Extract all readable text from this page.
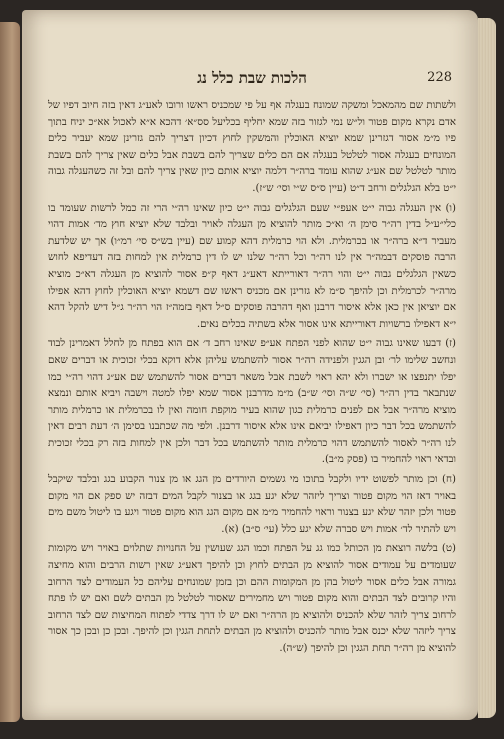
228
הלכות שבת כלל נג

ולשתות שם מהמאכל ומשקה שמונח בעגלה אף על פי שמכניס ראשו ורובו לאע״ג דאין בזה חיוב דפיו של אדם נקרא מקום פטור ול״ש נמי לגזור בזה שמא יחליף בכליעל סס״א׳ דהכא א״א לאכול אא״כ יניח בתוך פיו מ״מ אסור דגזרינן שמא יוציא האוכלין והמשקין לחוץ דכיון דצריך להם גזרינן שמא יעביר כלים המונחים בעגלה אסור לטלטל בעגלה אם הם כלים שצריך להם בשבת אבל כלים שאין צריך להם בשבת מותר לטלטל שם אע״ג שהוא עומד ברה״ר דלמה יוציא אותם כיון שאין צריך להם ובל זה כשהעגלה גבוה י״ט בלא הגלגלים ורחב ד״ט (עיין ס״ס ש״י וסי׳ ש״ז).

(ו) אין העגלה גבוה י״ט אעפ״י שעם הגלגלים גבוה י״ט כיון שאינו רה״י הרי זה כמל לרשות שעומד בו כלי״ע״ל בדין רה״ר סימן ה׳ וא״כ מותר להוציא מן העגלה לאויר ובלבד שלא יוציא חוץ מד׳ אמות דהוי מעביר ד״א ברה״ר או בכרמלית. ולא הוי כרמלית דהא קמוע שם (עיין בש״ס סי׳ רמ״ו) אך יש שלדעת הרבה פוסקים דבמה״ר אין לנו רה״ר וכל רה״ר שלנו יש לו דין כרמלית אין למחות בזה דעדיפא לחוש כשאין הגלגלים גבוה י״ט והוי רה״ר דאורייתא דאע״ג דאף ק״פ אסור להוציא מן העגלה דא״כ מוציא מרה״ר לכרמלית וכן להיפך ס״מ לא גזרינן אם מכניס ראשו שם דשמא יוציא האוכלין לחוץ דהא אפילו אם יוציאן אין כאן אלא איסור דרבנן ואף דהרבה פוסקים ס״ל דאף בזמה״ז הוי רה״ר ג״ל דיש להקל דהא י״א דאפילו ברשויות דאורייתא אינו אסור אלא בשתיה בכלים נאים.

(ז) דבעו שאינו גבוה י״ט שהוא לפני הפתח אע״פ שאינו רחב ד׳ אם הוא בפתח מן לחלל דאמרינן לבוד ונחשב שלימו לר׳ ובן הגגין ולפנידה רה״ר אסור להשתמש עליהן אלא דוקא בכלי זכוכית או דברים שאם יפלו יתנפצו או ישברו ולא יהא ראוי לשבת אבל משאר דברים אסור להשתמש שם אע״ג דהוי רה״י כמו שנתבאר בדין רה״ר (סי׳ ש״ה וסי׳ ש״ב) מ״מ מדרבנן אסור שמא יפלו למטה וישבה ויביא אותם ונמצא מוציא מרה״ר אבל אם לפנים כרמלית כגון שהוא בעיר מוקפת חומה ואין לו בכרמלית או כרמלית מותר להשתמש בכל דבר כיון דאפילו יביאם אינו אלא איסור דרבנן. ולפי מה שכתבנו בסימן ה׳ דעת רבים דאין לנו רה״ר לאסור להשתמש דהוי כרמלית מותר להשתמש בכל דבר ולכן אין למחות בזה רק בכלי זכוכית ובדאי ראוי להחמיר בו (פסק מ״ב).

(ח) וכן מותר לפשוט ידיו ולקבל בתוכו מי גשמים היורדים מן הגג או מן צנור הקבוע בגג ובלבד שיקבל באויר דאז הוי מקום פטור וצריך ליזהר שלא יגע בגג או בצנור לקבל המים דבזה יש ספק אם הוי מקום פטור ולכן יזהר שלא יגע בצנור וראוי להחמיר מ״מ אם מקום הגג הוא מקום פטור ויגע בו ליטול משם מים ויש להתיר לד׳ אמות ויש סברה שלא יגע כלל (עי׳ ס״ב) (א).

(ט) בלשה רוצאת מן הכותל כמו גג על הפתח וכמו הגג שעושין על החנויות שתלוים באויר ויש מקומות שעומדים על עמודים אסור להוציא מן הבתים לחוץ וכן להיפך דאע״ג שאין רשות הרבים והוא מחיצה גמורה אבל כלים אסור ליטול בהן מן המקומות ההם וכן בזמן שמונחים עליהם כל העמודים לצד הרחוב והיו קרובים לצד הבתים והוא מקום פטור ויש מחמירים שאסור לטלטל מן הבתים לשם ואם יש לו פתח לרחוב צריך לזהר שלא להכניס ולהוציא מן הרה״ר ואם יש לו דרך צדדי לפתוח המחיצות שם לצד הרחוב צריך ליזהר שלא יכנס אבל מותר להכניס ולהוציא מן הבתים לתחת הגגין וכן להיפך. ובכן כן ובכן כך אסור להוציא מן רה״ר תחת הגגין וכן להיפך (ש״ה).
